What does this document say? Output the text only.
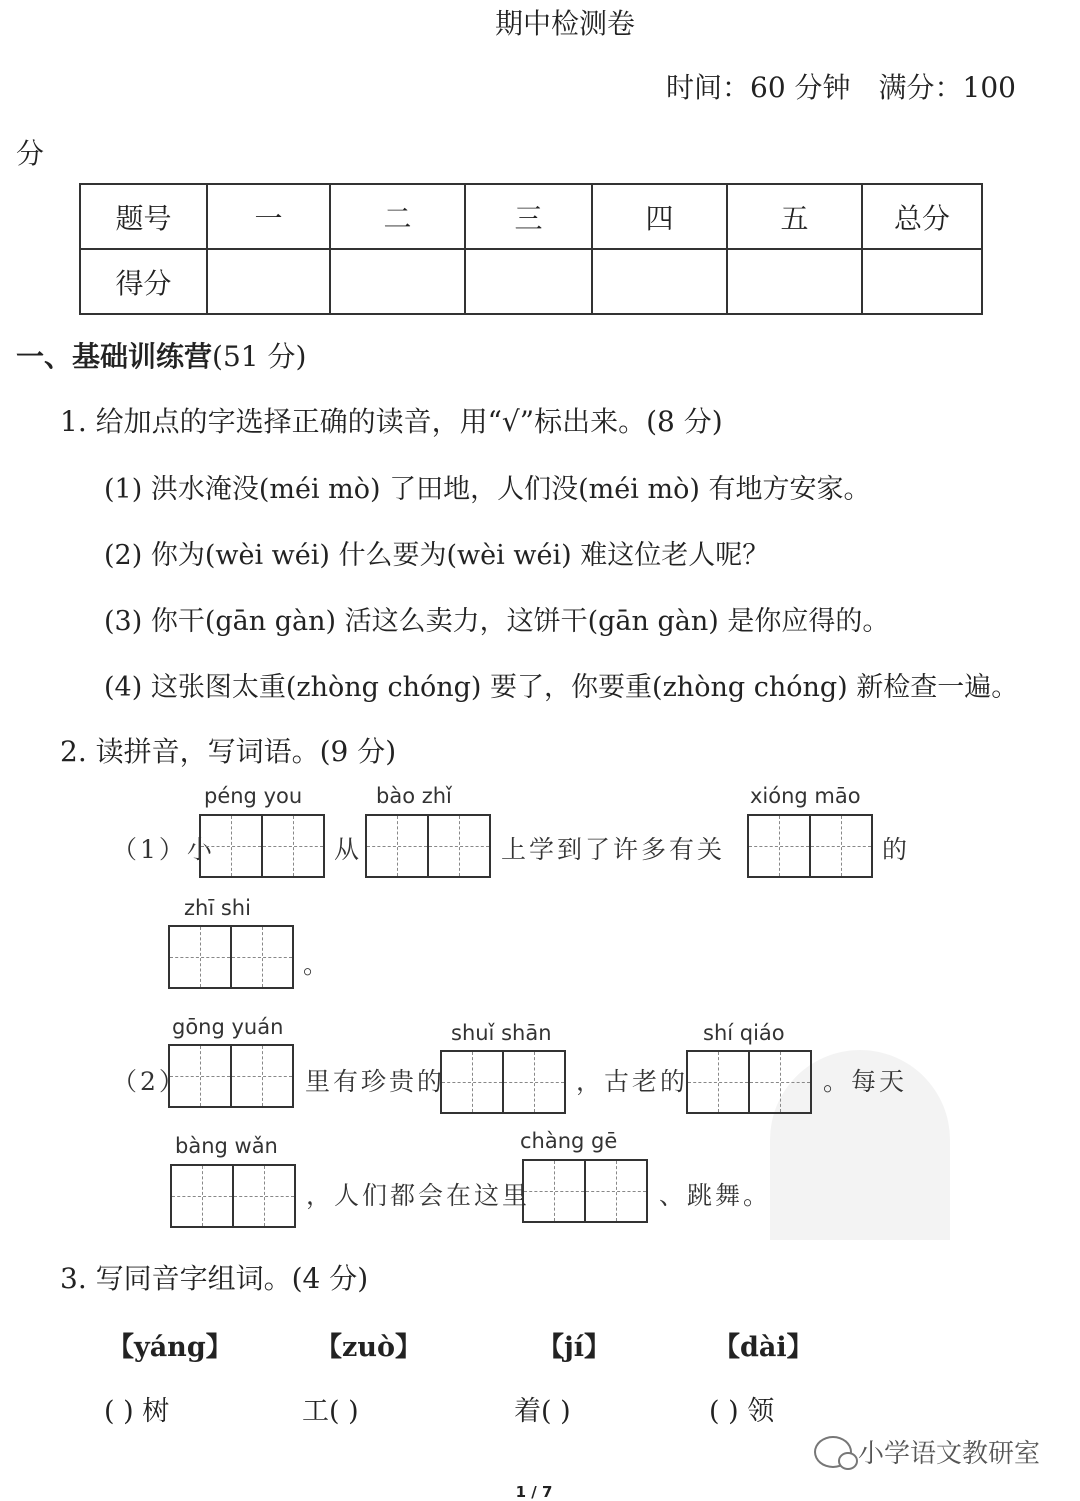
期中检测卷
时间：60 分钟　满分：100
分
题号	一	二	三	四	五	总分
得分						
一、基础训练营(51 分)
1. 给加点的字选择正确的读音，用“√”标出来。(8 分)
(1) 洪水淹没(méi mò) 了田地，人们没(méi mò) 有地方安家。
(2) 你为(wèi wéi) 什么要为(wèi wéi) 难这位老人呢？
(3) 你干(gān gàn) 活这么卖力，这饼干(gān gàn) 是你应得的。
(4) 这张图太重(zhòng chóng) 要了，你要重(zhòng chóng) 新检查一遍。
2. 读拼音，写词语。(9 分)
（1）小
péng you
从
bào zhǐ
上学到了许多有关
xióng māo
的
zhī shi
。
（2）
gōng yuán
里有珍贵的
shuǐ shān
，古老的
shí qiáo
。每天
bàng wǎn
，人们都会在这里
chàng gē
、跳舞。
3. 写同音字组词。(4 分)
【yáng】	【zuò】	【jí】	【dài】
( ) 树	工( )	着( )	( ) 领
小学语文教研室
1 / 7
